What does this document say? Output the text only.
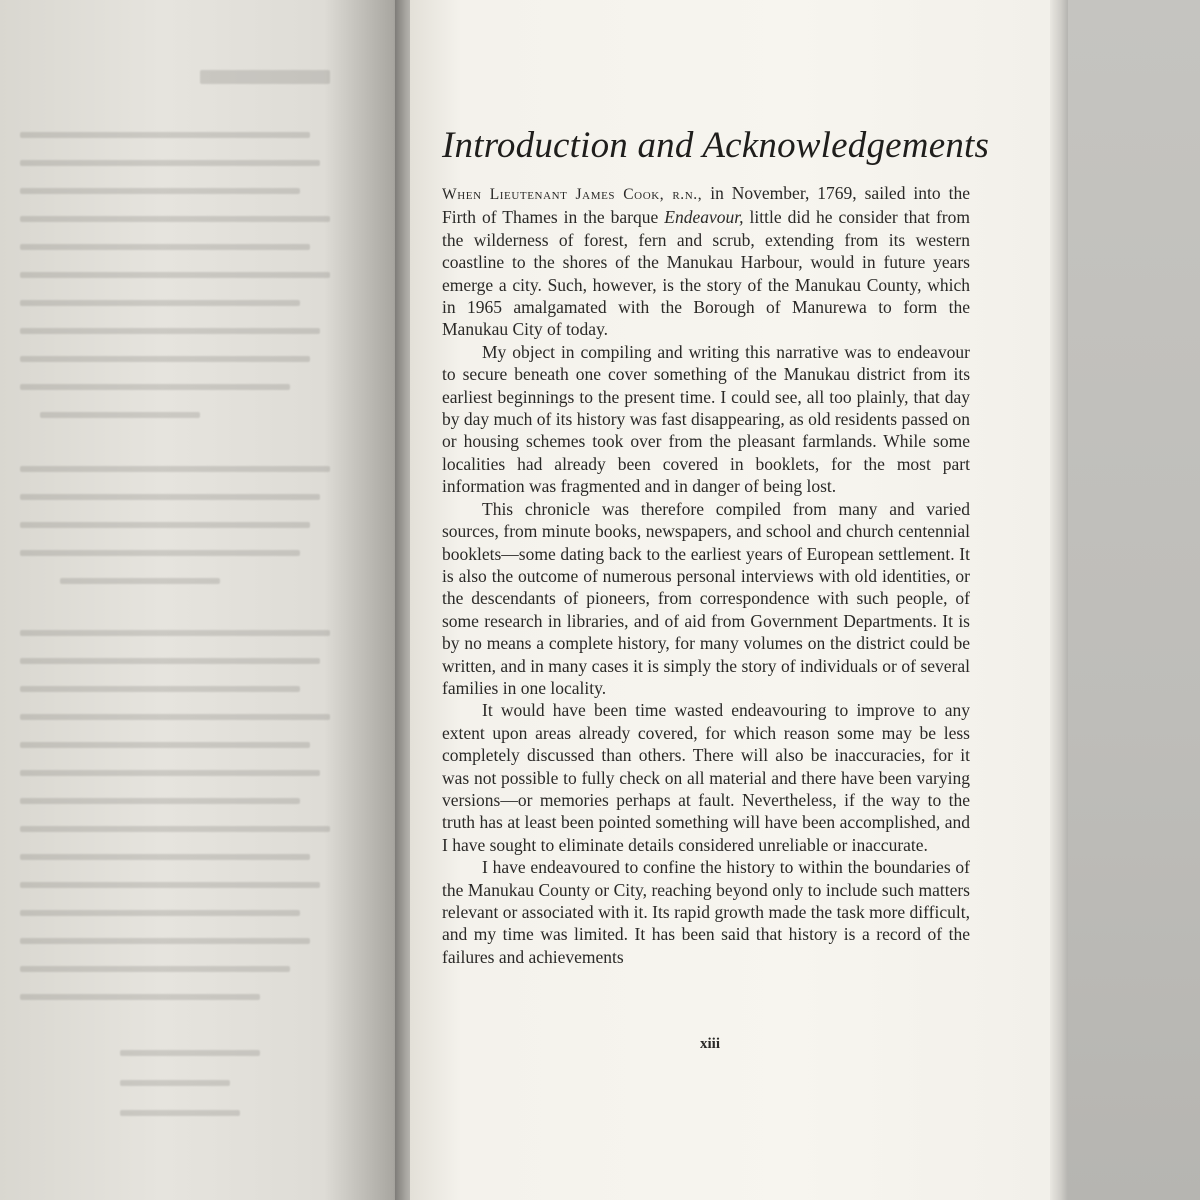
Introduction and Acknowledgements

When Lieutenant James Cook, r.n., in November, 1769, sailed into the Firth of Thames in the barque Endeavour, little did he consider that from the wilderness of forest, fern and scrub, extending from its western coastline to the shores of the Manukau Harbour, would in future years emerge a city. Such, however, is the story of the Manukau County, which in 1965 amalgamated with the Borough of Manurewa to form the Manukau City of today.

My object in compiling and writing this narrative was to endeavour to secure beneath one cover something of the Manukau district from its earliest beginnings to the present time. I could see, all too plainly, that day by day much of its history was fast disappearing, as old residents passed on or housing schemes took over from the pleasant farmlands. While some localities had already been covered in booklets, for the most part information was fragmented and in danger of being lost.

This chronicle was therefore compiled from many and varied sources, from minute books, newspapers, and school and church centennial booklets—some dating back to the earliest years of European settlement. It is also the outcome of numerous personal interviews with old identities, or the descendants of pioneers, from correspondence with such people, of some research in libraries, and of aid from Government Departments. It is by no means a complete history, for many volumes on the district could be written, and in many cases it is simply the story of individuals or of several families in one locality.

It would have been time wasted endeavouring to improve to any extent upon areas already covered, for which reason some may be less completely discussed than others. There will also be inaccuracies, for it was not possible to fully check on all material and there have been varying versions—or memories perhaps at fault. Nevertheless, if the way to the truth has at least been pointed something will have been accomplished, and I have sought to eliminate details considered unreliable or inaccurate.

I have endeavoured to confine the history to within the boundaries of the Manukau County or City, reaching beyond only to include such matters relevant or associated with it. Its rapid growth made the task more difficult, and my time was limited. It has been said that history is a record of the failures and achievements

xiii
